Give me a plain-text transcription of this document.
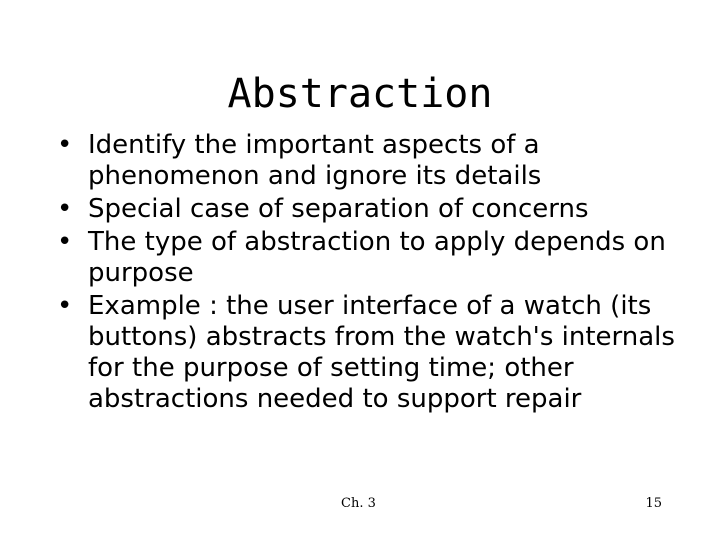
Abstraction
• Identify the important aspects of a phenomenon and ignore its details
• Special case of separation of concerns
• The type of abstraction to apply depends on purpose
• Example : the user interface of a watch (its buttons) abstracts from the watch's internals for the purpose of setting time; other abstractions needed to support repair
Ch. 3	15
